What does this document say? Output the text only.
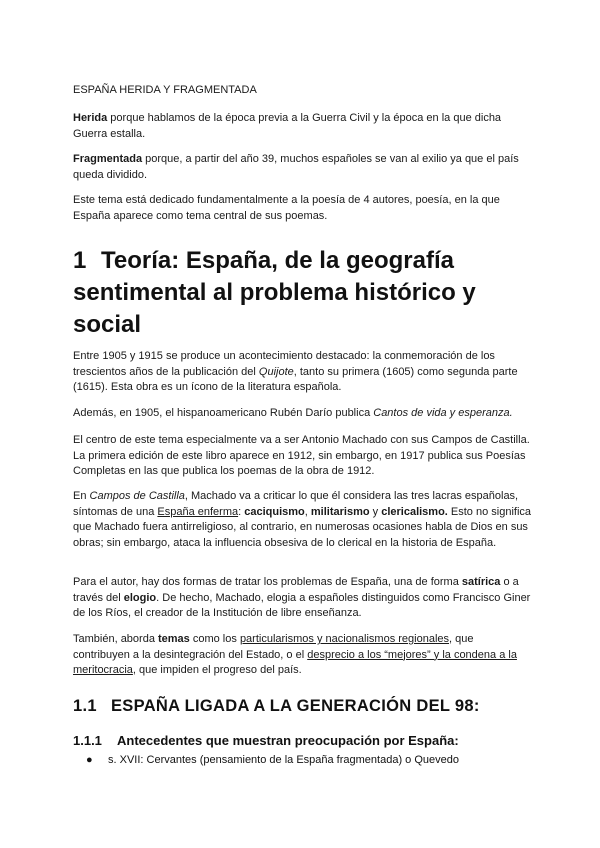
ESPAÑA HERIDA Y FRAGMENTADA

Herida porque hablamos de la época previa a la Guerra Civil y la época en la que dicha Guerra estalla.

Fragmentada porque, a partir del año 39, muchos españoles se van al exilio ya que el país queda dividido.

Este tema está dedicado fundamentalmente a la poesía de 4 autores, poesía, en la que España aparece como tema central de sus poemas.

1 Teoría: España, de la geografía sentimental al problema histórico y social

Entre 1905 y 1915 se produce un acontecimiento destacado: la conmemoración de los trescientos años de la publicación del Quijote, tanto su primera (1605) como segunda parte (1615). Esta obra es un ícono de la literatura española.

Además, en 1905, el hispanoamericano Rubén Darío publica Cantos de vida y esperanza.

El centro de este tema especialmente va a ser Antonio Machado con sus Campos de Castilla. La primera edición de este libro aparece en 1912, sin embargo, en 1917 publica sus Poesías Completas en las que publica los poemas de la obra de 1912.

En Campos de Castilla, Machado va a criticar lo que él considera las tres lacras españolas, síntomas de una España enferma: caciquismo, militarismo y clericalismo. Esto no significa que Machado fuera antirreligioso, al contrario, en numerosas ocasiones habla de Dios en sus obras; sin embargo, ataca la influencia obsesiva de lo clerical en la historia de España.

Para el autor, hay dos formas de tratar los problemas de España, una de forma satírica o a través del elogio. De hecho, Machado, elogia a españoles distinguidos como Francisco Giner de los Ríos, el creador de la Institución de libre enseñanza.

También, aborda temas como los particularismos y nacionalismos regionales, que contribuyen a la desintegración del Estado, o el desprecio a los “mejores” y la condena a la meritocracia, que impiden el progreso del país.

1.1 ESPAÑA LIGADA A LA GENERACIÓN DEL 98:
1.1.1 Antecedentes que muestran preocupación por España:

● s. XVII: Cervantes (pensamiento de la España fragmentada) o Quevedo
